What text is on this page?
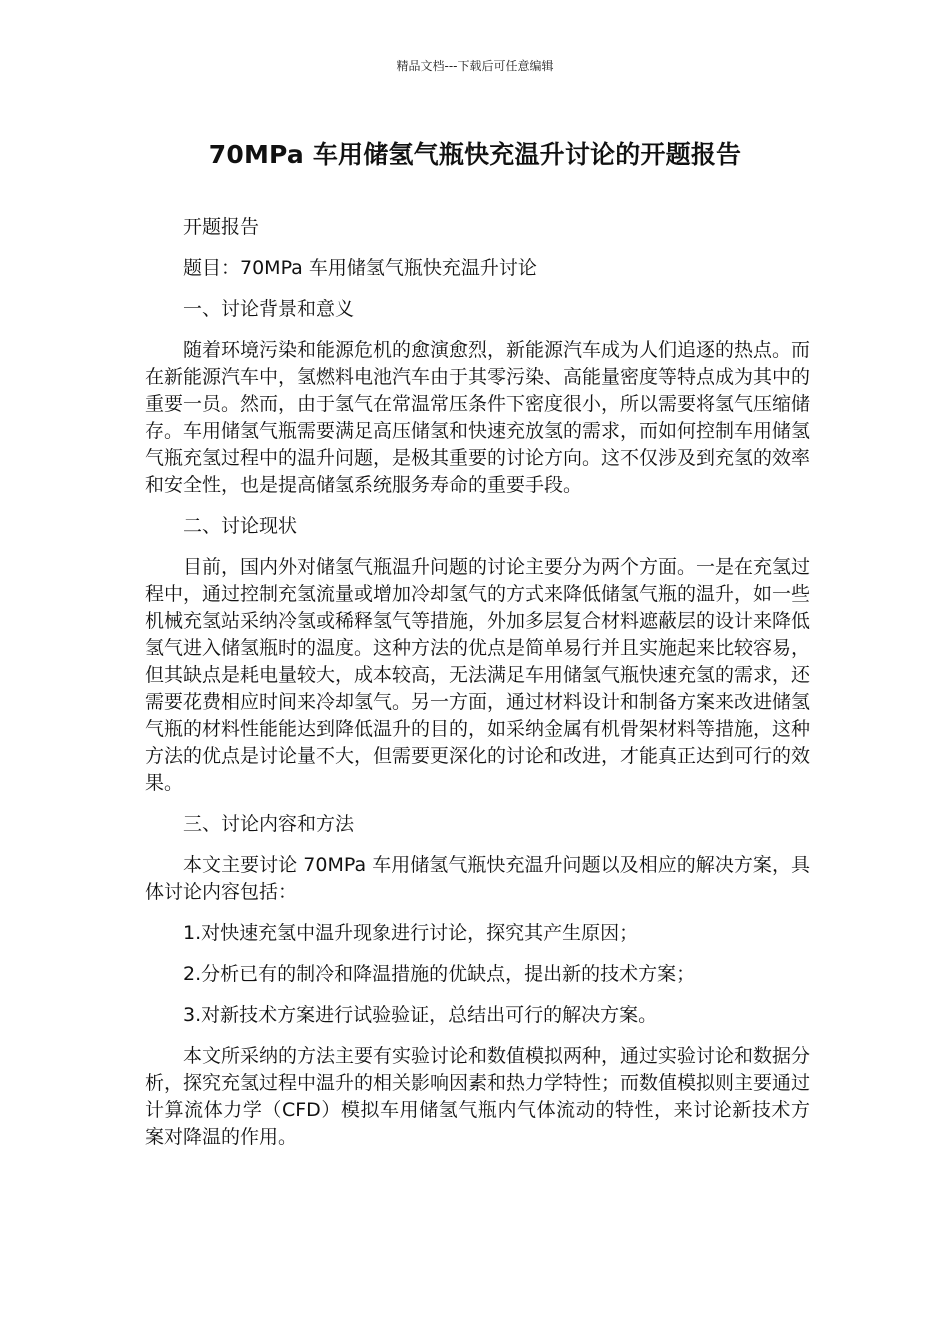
精品文档---下载后可任意编辑
70MPa 车用储氢气瓶快充温升讨论的开题报告

开题报告

题目：70MPa 车用储氢气瓶快充温升讨论

一、讨论背景和意义

随着环境污染和能源危机的愈演愈烈，新能源汽车成为人们追逐的热点。而在新能源汽车中，氢燃料电池汽车由于其零污染、高能量密度等特点成为其中的重要一员。然而，由于氢气在常温常压条件下密度很小，所以需要将氢气压缩储存。车用储氢气瓶需要满足高压储氢和快速充放氢的需求，而如何控制车用储氢气瓶充氢过程中的温升问题，是极其重要的讨论方向。这不仅涉及到充氢的效率和安全性，也是提高储氢系统服务寿命的重要手段。

二、讨论现状

目前，国内外对储氢气瓶温升问题的讨论主要分为两个方面。一是在充氢过程中，通过控制充氢流量或增加冷却氢气的方式来降低储氢气瓶的温升，如一些机械充氢站采纳冷氢或稀释氢气等措施，外加多层复合材料遮蔽层的设计来降低氢气进入储氢瓶时的温度。这种方法的优点是简单易行并且实施起来比较容易，但其缺点是耗电量较大，成本较高，无法满足车用储氢气瓶快速充氢的需求，还需要花费相应时间来冷却氢气。另一方面，通过材料设计和制备方案来改进储氢气瓶的材料性能能达到降低温升的目的，如采纳金属有机骨架材料等措施，这种方法的优点是讨论量不大，但需要更深化的讨论和改进，才能真正达到可行的效果。

三、讨论内容和方法

本文主要讨论 70MPa 车用储氢气瓶快充温升问题以及相应的解决方案，具体讨论内容包括：

1.对快速充氢中温升现象进行讨论，探究其产生原因；

2.分析已有的制冷和降温措施的优缺点，提出新的技术方案；

3.对新技术方案进行试验验证，总结出可行的解决方案。

本文所采纳的方法主要有实验讨论和数值模拟两种，通过实验讨论和数据分析，探究充氢过程中温升的相关影响因素和热力学特性；而数值模拟则主要通过计算流体力学（CFD）模拟车用储氢气瓶内气体流动的特性，来讨论新技术方案对降温的作用。
